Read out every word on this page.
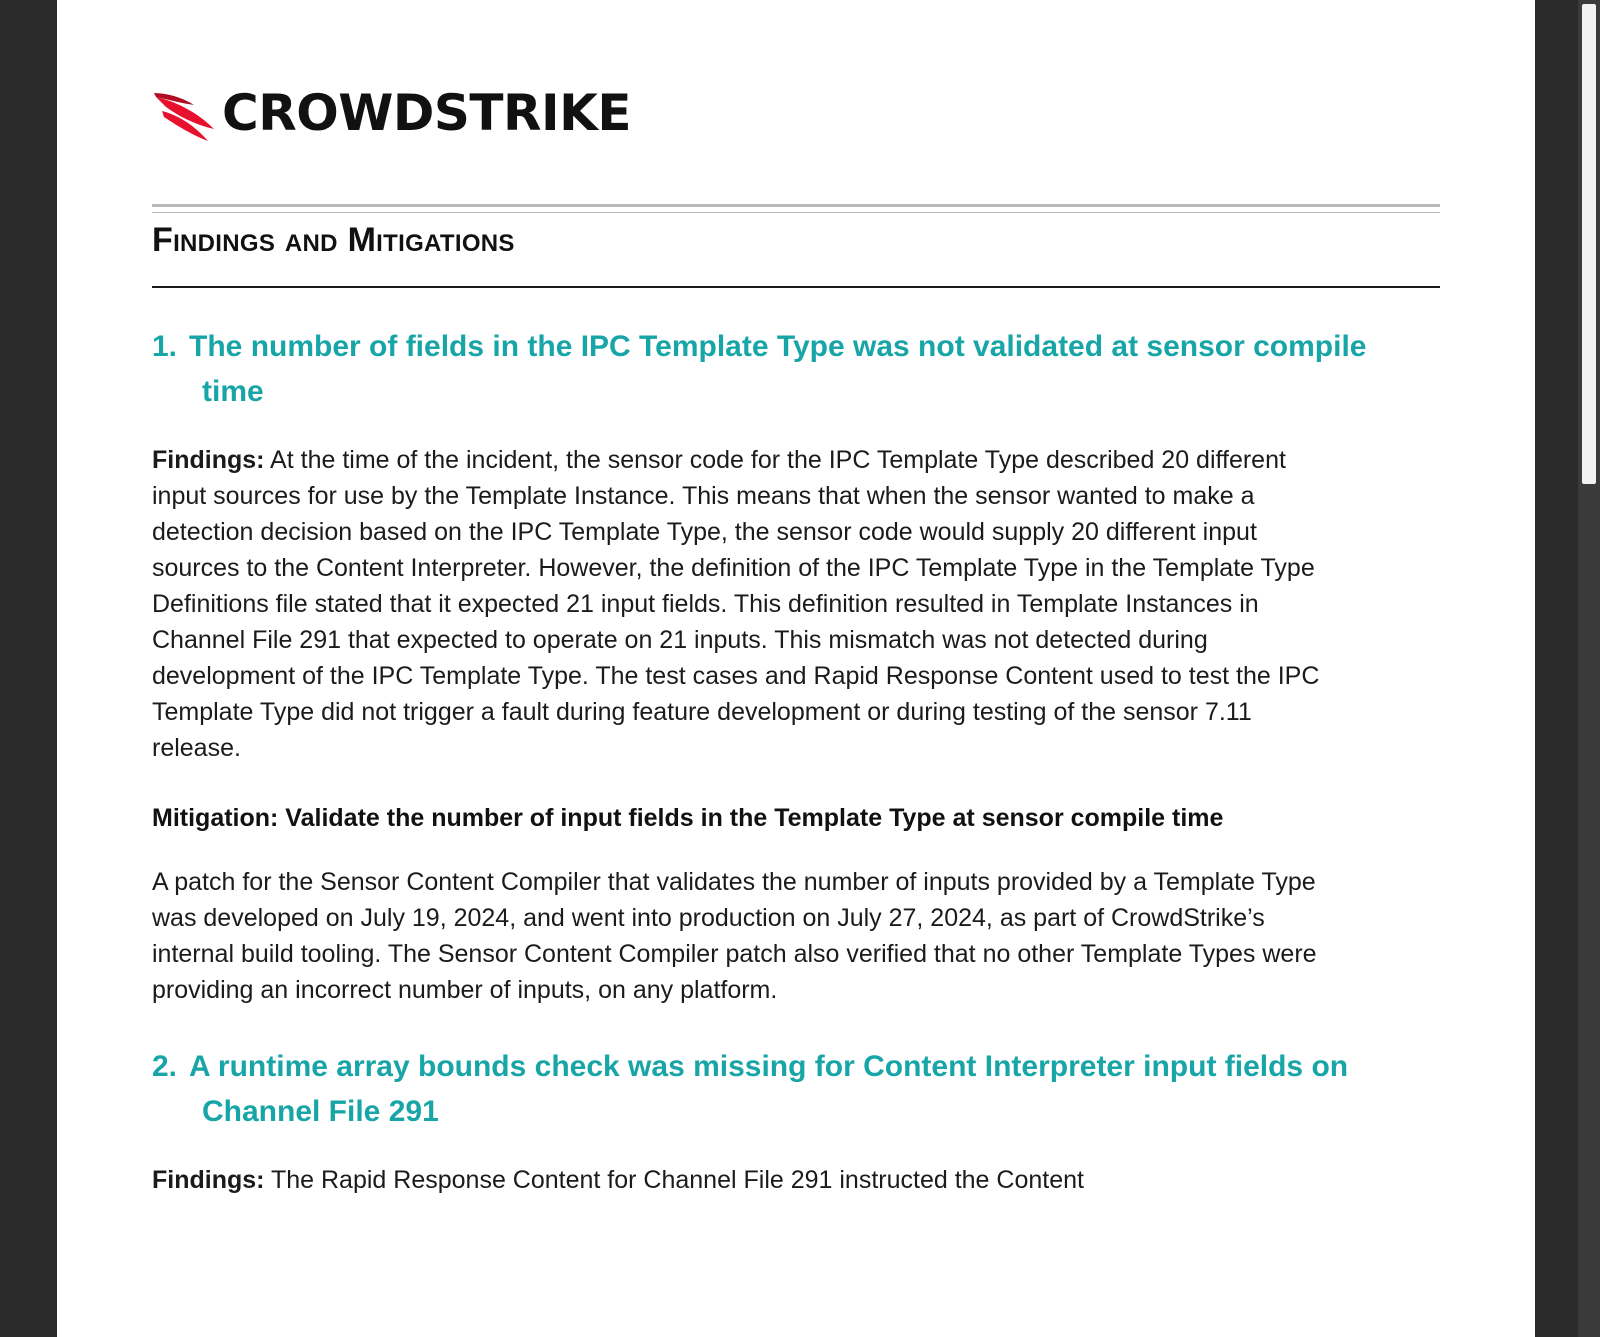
CROWDSTRIKE
Findings and Mitigations
1. The number of fields in the IPC Template Type was not validated at sensor compile time

Findings: At the time of the incident, the sensor code for the IPC Template Type described 20 different input sources for use by the Template Instance. This means that when the sensor wanted to make a detection decision based on the IPC Template Type, the sensor code would supply 20 different input sources to the Content Interpreter. However, the definition of the IPC Template Type in the Template Type Definitions file stated that it expected 21 input fields. This definition resulted in Template Instances in Channel File 291 that expected to operate on 21 inputs. This mismatch was not detected during development of the IPC Template Type. The test cases and Rapid Response Content used to test the IPC Template Type did not trigger a fault during feature development or during testing of the sensor 7.11 release.

Mitigation: Validate the number of input fields in the Template Type at sensor compile time

A patch for the Sensor Content Compiler that validates the number of inputs provided by a Template Type was developed on July 19, 2024, and went into production on July 27, 2024, as part of CrowdStrike’s internal build tooling. The Sensor Content Compiler patch also verified that no other Template Types were providing an incorrect number of inputs, on any platform.

2. A runtime array bounds check was missing for Content Interpreter input fields on Channel File 291

Findings: The Rapid Response Content for Channel File 291 instructed the Content
